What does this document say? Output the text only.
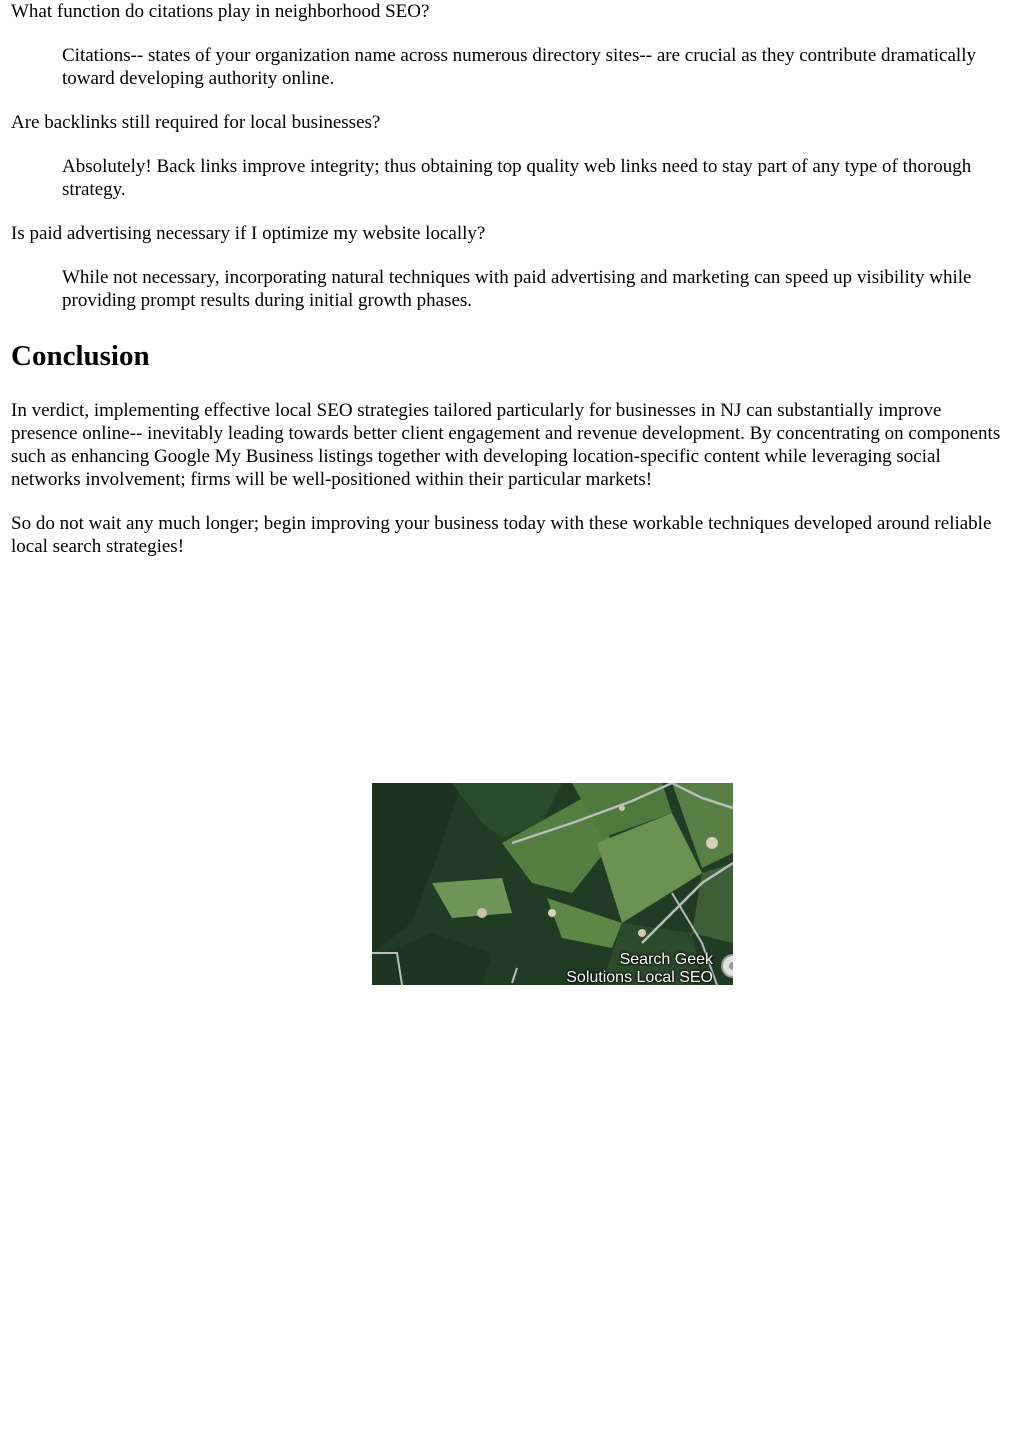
What function do citations play in neighborhood SEO?
Citations-- states of your organization name across numerous directory sites-- are crucial as they contribute dramatically toward developing authority online.
Are backlinks still required for local businesses?
Absolutely! Back links improve integrity; thus obtaining top quality web links need to stay part of any type of thorough strategy.
Is paid advertising necessary if I optimize my website locally?
While not necessary, incorporating natural techniques with paid advertising and marketing can speed up visibility while providing prompt results during initial growth phases.
Conclusion

In verdict, implementing effective local SEO strategies tailored particularly for businesses in NJ can substantially improve presence online-- inevitably leading towards better client engagement and revenue development. By concentrating on components such as enhancing Google My Business listings together with developing location-specific content while leveraging social networks involvement; firms will be well-positioned within their particular markets!

So do not wait any much longer; begin improving your business today with these workable techniques developed around reliable local search strategies!

Search Geek
Solutions Local SEO
